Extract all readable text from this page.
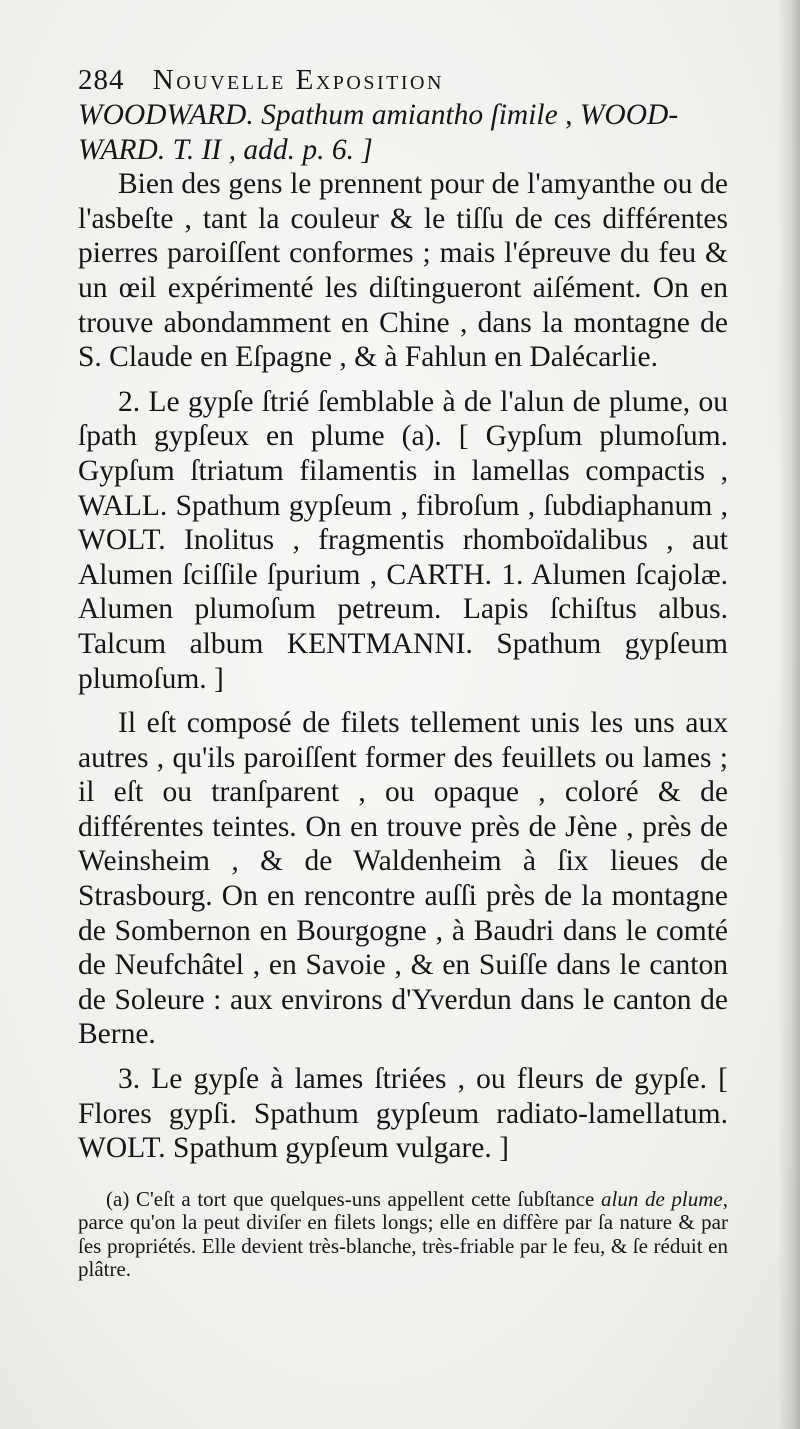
284 Nouvelle Exposition

WOODWARD. Spathum amiantho ſimile , WOOD-

WARD. T. II , add. p. 6. ]

Bien des gens le prennent pour de l'amyanthe ou de l'asbeſte , tant la couleur & le tiſſu de ces différentes pierres paroiſſent conformes ; mais l'épreuve du feu & un œil expérimenté les diſtingueront aiſément. On en trouve abondamment en Chine , dans la montagne de S. Claude en Eſpagne , & à Fahlun en Dalécarlie.

2. Le gypſe ſtrié ſemblable à de l'alun de plume, ou ſpath gypſeux en plume (a). [ Gypſum plumoſum. Gypſum ſtriatum filamentis in lamellas compactis , WALL. Spathum gypſeum , fibroſum , ſubdiaphanum , WOLT. Inolitus , fragmentis rhomboïdalibus , aut Alumen ſciſſile ſpurium , CARTH. 1. Alumen ſcajolæ. Alumen plumoſum petreum. Lapis ſchiſtus albus. Talcum album KENTMANNI. Spathum gypſeum plumoſum. ]

Il eſt composé de filets tellement unis les uns aux autres , qu'ils paroiſſent former des feuillets ou lames ; il eſt ou tranſparent , ou opaque , coloré & de différentes teintes. On en trouve près de Jène , près de Weinsheim , & de Waldenheim à ſix lieues de Strasbourg. On en rencontre auſſi près de la montagne de Sombernon en Bourgogne , à Baudri dans le comté de Neufchâtel , en Savoie , & en Suiſſe dans le canton de Soleure : aux environs d'Yverdun dans le canton de Berne.

3. Le gypſe à lames ſtriées , ou fleurs de gypſe. [ Flores gypſi. Spathum gypſeum radiato-lamellatum. WOLT. Spathum gypſeum vulgare. ]

(a) C'eſt a tort que quelques-uns appellent cette ſubſtance alun de plume, parce qu'on la peut diviſer en filets longs; elle en diffère par ſa nature & par ſes propriétés. Elle devient très-blanche, très-friable par le feu, & ſe réduit en plâtre.
